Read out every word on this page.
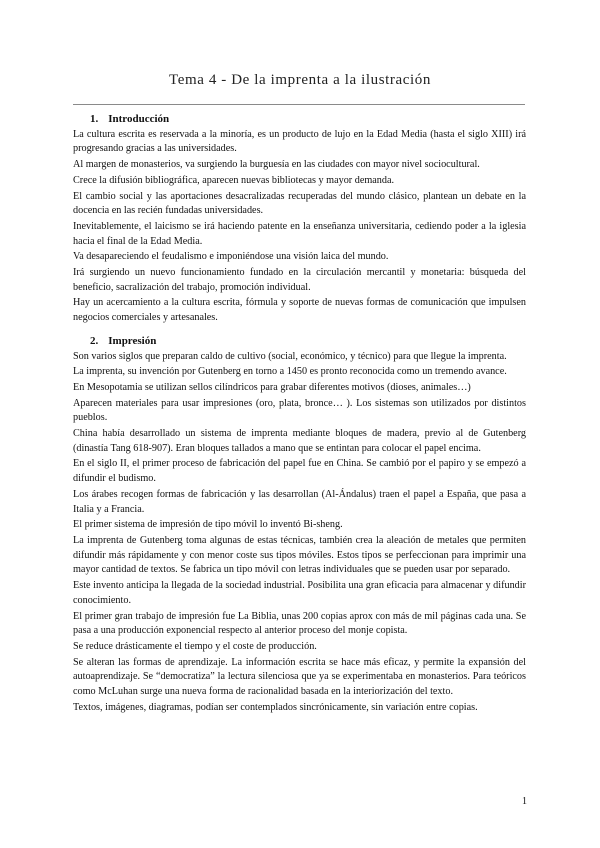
Tema 4 - De la imprenta a la ilustración
1. Introducción

La cultura escrita es reservada a la minoría, es un producto de lujo en la Edad Media (hasta el siglo XIII) irá progresando gracias a las universidades.

Al margen de monasterios, va surgiendo la burguesía en las ciudades con mayor nivel sociocultural.

Crece la difusión bibliográfica, aparecen nuevas bibliotecas y mayor demanda.

El cambio social y las aportaciones desacralizadas recuperadas del mundo clásico, plantean un debate en la docencia en las recién fundadas universidades.

Inevitablemente, el laicismo se irá haciendo patente en la enseñanza universitaria, cediendo poder a la iglesia hacia el final de la Edad Media.

Va desapareciendo el feudalismo e imponiéndose una visión laica del mundo.

Irá surgiendo un nuevo funcionamiento fundado en la circulación mercantil y monetaria: búsqueda del beneficio, sacralización del trabajo, promoción individual.

Hay un acercamiento a la cultura escrita, fórmula y soporte de nuevas formas de comunicación que impulsen negocios comerciales y artesanales.

2. Impresión

Son varios siglos que preparan caldo de cultivo (social, económico, y técnico) para que llegue la imprenta.

La imprenta, su invención por Gutenberg en torno a 1450 es pronto reconocida como un tremendo avance.

En Mesopotamia se utilizan sellos cilíndricos para grabar diferentes motivos (dioses, animales…)

Aparecen materiales para usar impresiones (oro, plata, bronce… ). Los sistemas son utilizados por distintos pueblos.

China había desarrollado un sistema de imprenta mediante bloques de madera, previo al de Gutenberg (dinastía Tang 618-907). Eran bloques tallados a mano que se entintan para colocar el papel encima.

En el siglo II, el primer proceso de fabricación del papel fue en China. Se cambió por el papiro y se empezó a difundir el budismo.

Los árabes recogen formas de fabricación y las desarrollan (Al-Ándalus) traen el papel a España, que pasa a Italia y a Francia.

El primer sistema de impresión de tipo móvil lo inventó Bi-sheng.

La imprenta de Gutenberg toma algunas de estas técnicas, también crea la aleación de metales que permiten difundir más rápidamente y con menor coste sus tipos móviles. Estos tipos se perfeccionan para imprimir una mayor cantidad de textos. Se fabrica un tipo móvil con letras individuales que se pueden usar por separado.

Este invento anticipa la llegada de la sociedad industrial. Posibilita una gran eficacia para almacenar y difundir conocimiento.

El primer gran trabajo de impresión fue La Biblia, unas 200 copias aprox con más de mil páginas cada una. Se pasa a una producción exponencial respecto al anterior proceso del monje copista.

Se reduce drásticamente el tiempo y el coste de producción.

Se alteran las formas de aprendizaje. La información escrita se hace más eficaz, y permite la expansión del autoaprendizaje. Se “democratiza” la lectura silenciosa que ya se experimentaba en monasterios. Para teóricos como McLuhan surge una nueva forma de racionalidad basada en la interiorización del texto.

Textos, imágenes, diagramas, podían ser contemplados sincrónicamente, sin variación entre copias.

1
